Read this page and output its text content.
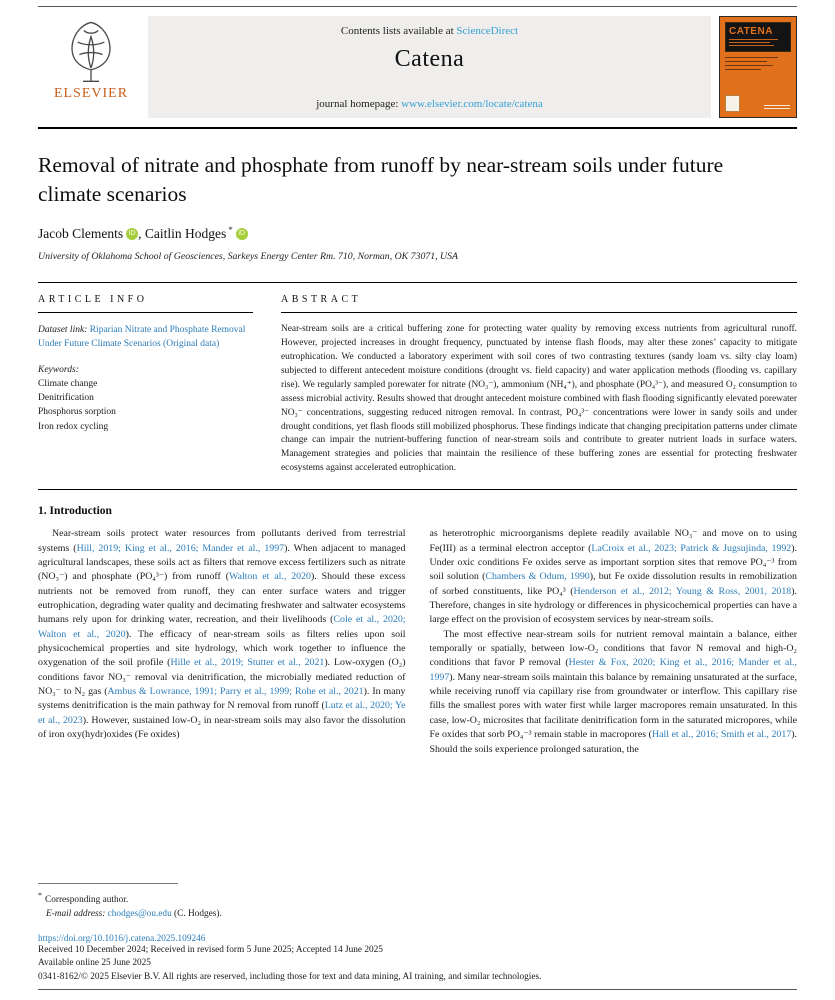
ELSEVIER
Contents lists available at ScienceDirect
Catena
journal homepage: www.elsevier.com/locate/catena
CATENA
Removal of nitrate and phosphate from runoff by near-stream soils under future climate scenarios
Jacob Clements iD , Caitlin Hodges * iD
University of Oklahoma School of Geosciences, Sarkeys Energy Center Rm. 710, Norman, OK 73071, USA
ARTICLE INFO
Dataset link: Riparian Nitrate and Phosphate Removal Under Future Climate Scenarios (Original data)
Keywords:
Climate change
Denitrification
Phosphorus sorption
Iron redox cycling
ABSTRACT

Near-stream soils are a critical buffering zone for protecting water quality by removing excess nutrients from agricultural runoff. However, projected increases in drought frequency, punctuated by intense flash floods, may alter these zones’ capacity to mitigate eutrophication. We conducted a laboratory experiment with soil cores of two contrasting textures (sandy loam vs. silty clay loam) subjected to different antecedent moisture conditions (drought vs. field capacity) and water application methods (flooding vs. capillary rise). We regularly sampled porewater for nitrate (NO₃⁻), ammonium (NH₄⁺), and phosphate (PO₄³⁻), and measured O₂ consumption to assess microbial activity. Results showed that drought antecedent moisture combined with flash flooding significantly elevated porewater NO₃⁻ concentrations, suggesting reduced nitrogen removal. In contrast, PO₄³⁻ concentrations were lower in sandy soils and under drought conditions, yet flash floods still mobilized phosphorus. These findings indicate that changing precipitation patterns under climate change can impair the nutrient-buffering function of near-stream soils and contribute to greater nutrient loads in surface waters. Management strategies and policies that maintain the resilience of these buffering zones are essential for protecting freshwater ecosystems against accelerated eutrophication.

1. Introduction

Near-stream soils protect water resources from pollutants derived from terrestrial systems (Hill, 2019; King et al., 2016; Mander et al., 1997). When adjacent to managed agricultural landscapes, these soils act as filters that remove excess fertilizers such as nitrate (NO₃⁻) and phosphate (PO₄³⁻) from runoff (Walton et al., 2020). Should these excess nutrients not be removed from runoff, they can enter surface waters and trigger eutrophication, degrading water quality and decimating freshwater and saltwater ecosystems humans rely upon for drinking water, recreation, and their livelihoods (Cole et al., 2020; Walton et al., 2020). The efficacy of near-stream soils as filters relies upon soil physicochemical properties and site hydrology, which work together to influence the oxygenation of the soil profile (Hille et al., 2019; Stutter et al., 2021). Low-oxygen (O₂) conditions favor NO₃⁻ removal via denitrification, the microbially mediated reduction of NO₃⁻ to N₂ gas (Ambus & Lowrance, 1991; Parry et al., 1999; Rohe et al., 2021). In many systems denitrification is the main pathway for N removal from runoff (Lutz et al., 2020; Ye et al., 2023). However, sustained low-O₂ in near-stream soils may also favor the dissolution of iron oxy(hydr)oxides (Fe oxides)

as heterotrophic microorganisms deplete readily available NO₃⁻ and move on to using Fe(III) as a terminal electron acceptor (LaCroix et al., 2023; Patrick & Jugsujinda, 1992). Under oxic conditions Fe oxides serve as important sorption sites that remove PO₄⁻³ from soil solution (Chambers & Odum, 1990), but Fe oxide dissolution results in remobilization of sorbed constituents, like PO₄³ (Henderson et al., 2012; Young & Ross, 2001, 2018). Therefore, changes in site hydrology or differences in physicochemical properties can have a large effect on the provision of ecosystem services by near-stream soils.

The most effective near-stream soils for nutrient removal maintain a balance, either temporally or spatially, between low-O₂ conditions that favor N removal and high-O₂ conditions that favor P removal (Hester & Fox, 2020; King et al., 2016; Mander et al., 1997). Many near-stream soils maintain this balance by remaining unsaturated at the surface, while receiving runoff via capillary rise from groundwater or interflow. This capillary rise fills the smallest pores with water first while larger macropores remain unsaturated. In this case, low-O₂ microsites that facilitate denitrification form in the saturated micropores, while Fe oxides that sorb PO₄⁻³ remain stable in macropores (Hall et al., 2016; Smith et al., 2017). Should the soils experience prolonged saturation, the

* Corresponding author.
E-mail address: chodges@ou.edu (C. Hodges).
https://doi.org/10.1016/j.catena.2025.109246
Received 10 December 2024; Received in revised form 5 June 2025; Accepted 14 June 2025
Available online 25 June 2025
0341-8162/© 2025 Elsevier B.V. All rights are reserved, including those for text and data mining, AI training, and similar technologies.
